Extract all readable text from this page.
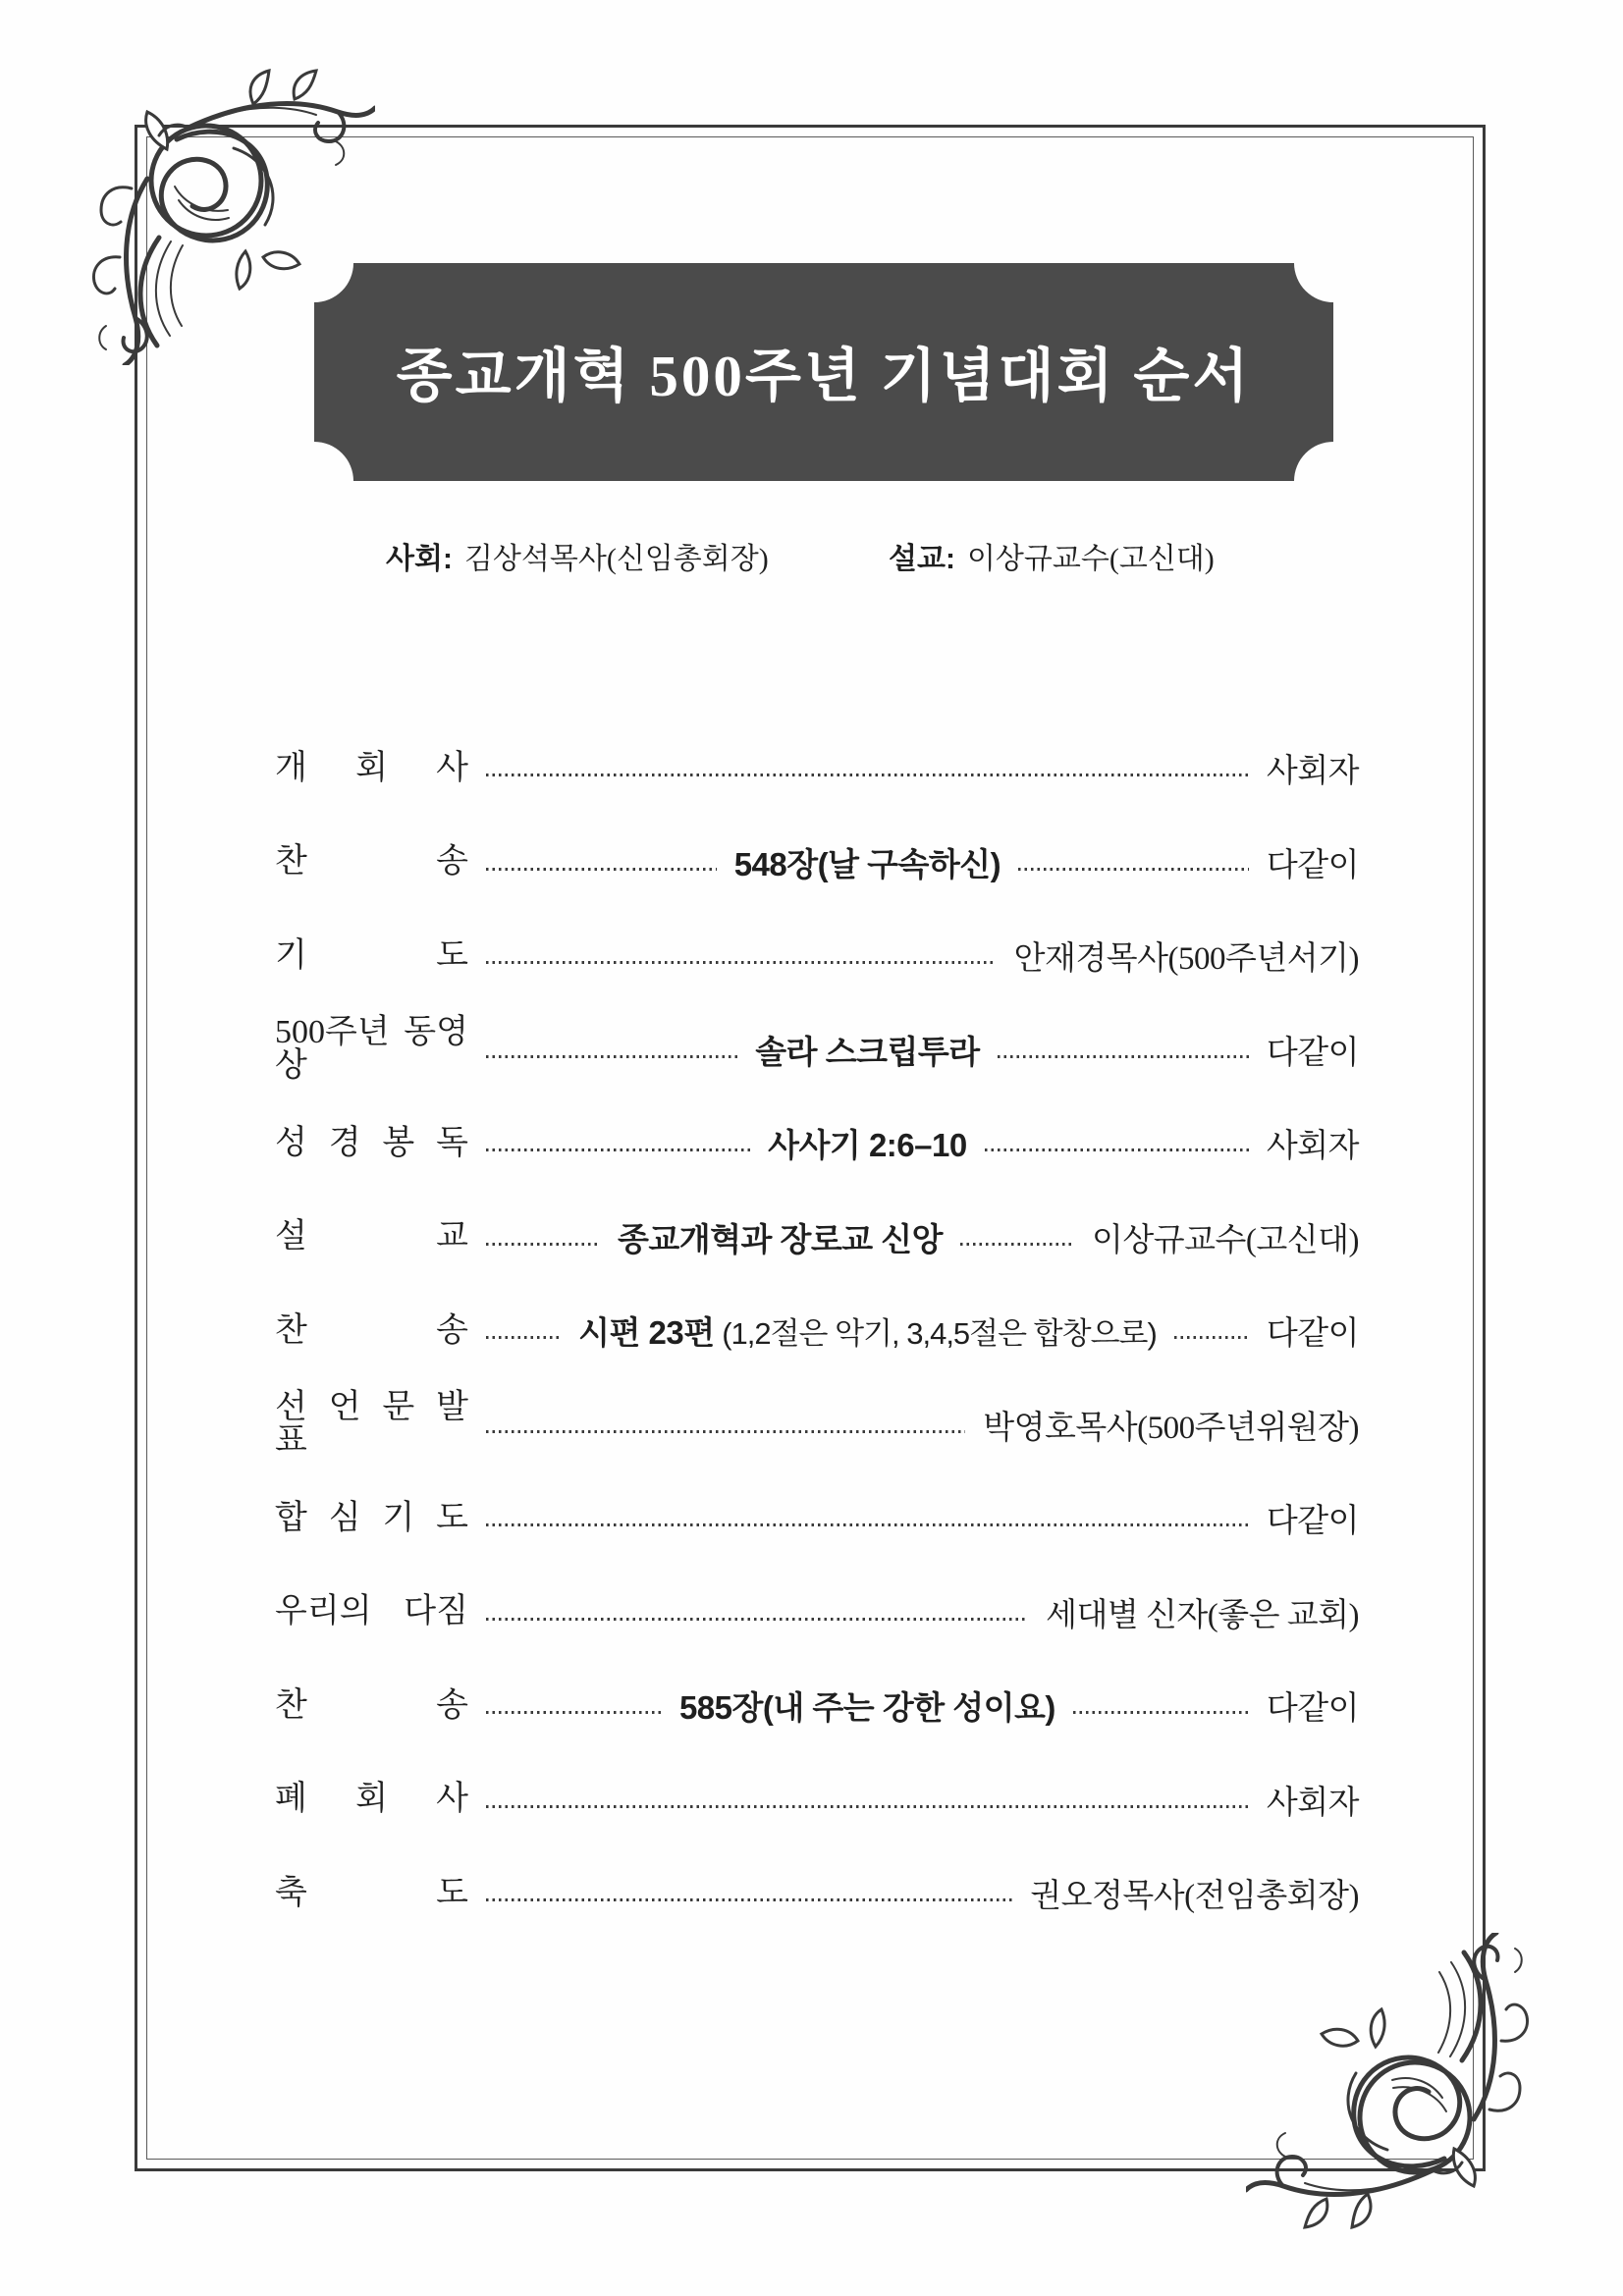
종교개혁 500주년 기념대회 순서
사회: 김상석목사(신임총회장)	설교: 이상규교수(고신대)
개 회 사	사회자
찬 송	548장(날 구속하신)	다같이
기 도	안재경목사(500주년서기)
500주년 동영상	솔라 스크립투라	다같이
성 경 봉 독	사사기 2:6–10	사회자
설 교	종교개혁과 장로교 신앙	이상규교수(고신대)
찬 송	시편 23편 (1,2절은 악기, 3,4,5절은 합창으로)	다같이
선 언 문 발 표	박영호목사(500주년위원장)
합 심 기 도	다같이
우리의 다짐	세대별 신자(좋은 교회)
찬 송	585장(내 주는 강한 성이요)	다같이
폐 회 사	사회자
축 도	권오정목사(전임총회장)
